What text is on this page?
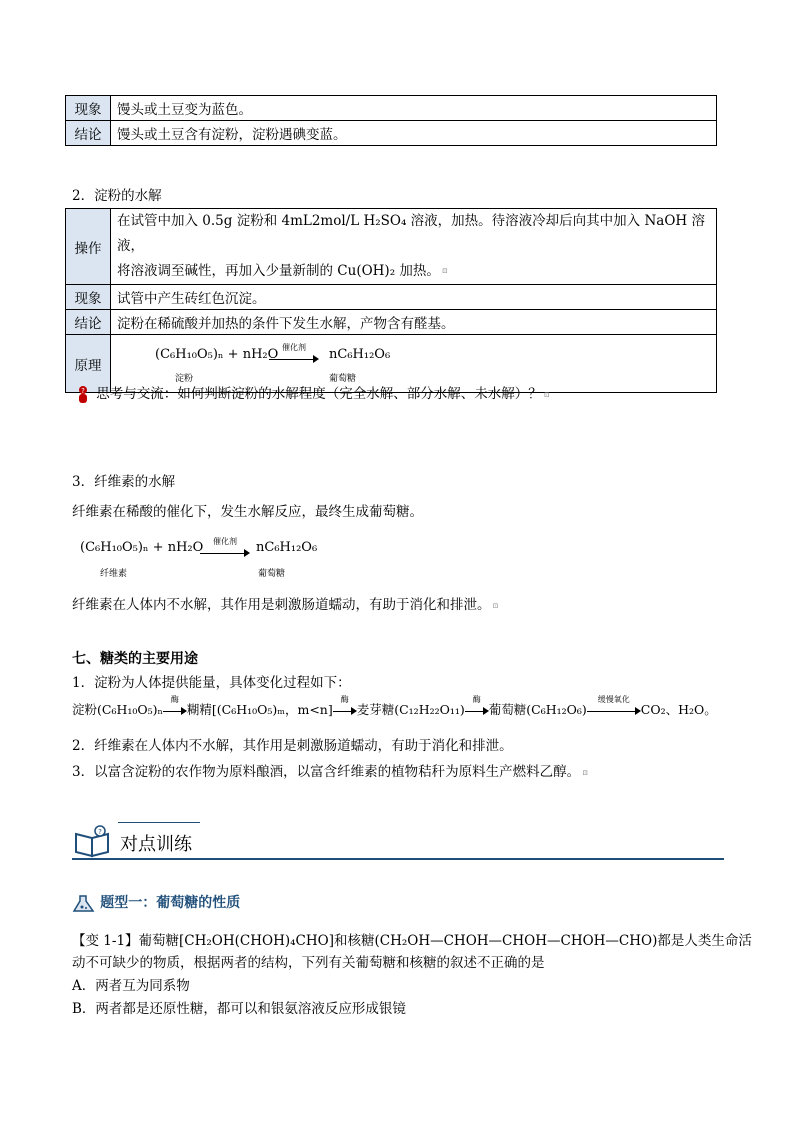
现象	馒头或土豆变为蓝色。
结论	馒头或土豆含有淀粉，淀粉遇碘变蓝。
2．淀粉的水解
操作	在试管中加入 0.5g 淀粉和 4mL2mol/L H₂SO₄ 溶液，加热。待溶液冷却后向其中加入 NaOH 溶液，
将溶液调至碱性，再加入少量新制的 Cu(OH)₂ 加热。 ⊡

现象	试管中产生砖红色沉淀。
结论	淀粉在稀硫酸并加热的条件下发生水解，产物含有醛基。
原理	(C₆H₁₀O₅)ₙ + nH₂O 催化剂 nC₆H₁₂O₆
淀粉 葡萄糖
? 思考与交流：如何判断淀粉的水解程度（完全水解、部分水解、未水解）？ ⊡
3．纤维素的水解
纤维素在稀酸的催化下，发生水解反应，最终生成葡萄糖。
(C₆H₁₀O₅)ₙ + nH₂O	催化剂	nC₆H₁₂O₆
纤维素	葡萄糖
纤维素在人体内不水解，其作用是刺激肠道蠕动，有助于消化和排泄。 ⊡
七、糖类的主要用途
1．淀粉为人体提供能量，具体变化过程如下：
淀粉(C₆H₁₀O₅)ₙ
酶
糊精[(C₆H₁₀O₅)ₘ，m<n]
酶
麦芽糖(C₁₂H₂₂O₁₁)
酶
葡萄糖(C₆H₁₂O₆)
缓慢氧化
CO₂、H₂O。
2．纤维素在人体内不水解，其作用是刺激肠道蠕动，有助于消化和排泄。
3．以富含淀粉的农作物为原料酿酒，以富含纤维素的植物秸秆为原料生产燃料乙醇。 ⊡
?
对点训练
题型一：葡萄糖的性质
【变 1-1】葡萄糖[CH₂OH(CHOH)₄CHO]和核糖(CH₂OH—CHOH—CHOH—CHOH—CHO)都是人类生命活
动不可缺少的物质，根据两者的结构，下列有关葡萄糖和核糖的叙述不正确的是
A．两者互为同系物
B．两者都是还原性糖，都可以和银氨溶液反应形成银镜
